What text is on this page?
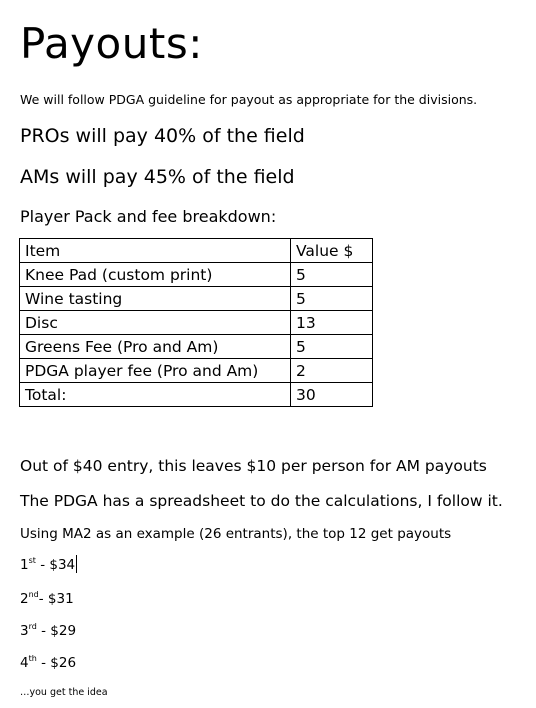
Payouts:
We will follow PDGA guideline for payout as appropriate for the divisions.
PROs will pay 40% of the field
AMs will pay 45% of the field
Player Pack and fee breakdown:
Item	Value $
Knee Pad (custom print)	5
Wine tasting	5
Disc	13
Greens Fee (Pro and Am)	5
PDGA player fee (Pro and Am)	2
Total:	30
Out of $40 entry, this leaves $10 per person for AM payouts
The PDGA has a spreadsheet to do the calculations, I follow it.
Using MA2 as an example (26 entrants), the top 12 get payouts
1st - $34
2nd- $31
3rd - $29
4th - $26
…you get the idea
